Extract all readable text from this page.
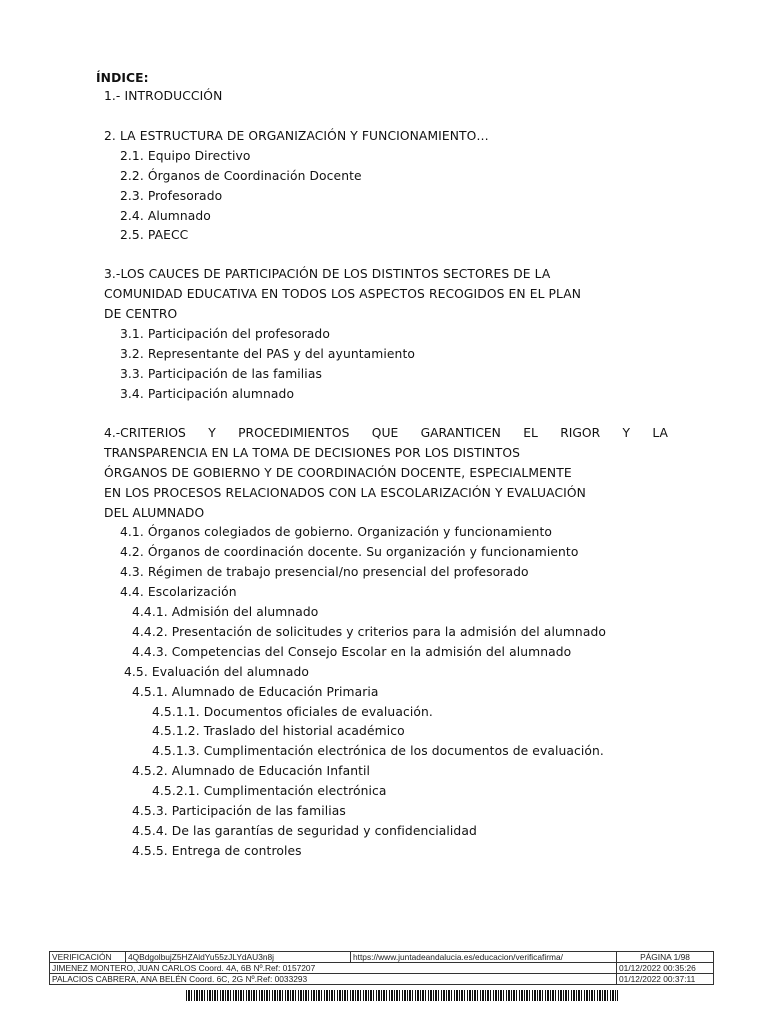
ÍNDICE:
1.- INTRODUCCIÓN
2. LA ESTRUCTURA DE ORGANIZACIÓN Y FUNCIONAMIENTO…
2.1. Equipo Directivo
2.2. Órganos de Coordinación Docente
2.3. Profesorado
2.4. Alumnado
2.5. PAECC
3.-LOS CAUCES DE PARTICIPACIÓN DE LOS DISTINTOS SECTORES DE LA
COMUNIDAD EDUCATIVA EN TODOS LOS ASPECTOS RECOGIDOS EN EL PLAN
DE CENTRO
3.1. Participación del profesorado
3.2. Representante del PAS y del ayuntamiento
3.3. Participación de las familias
3.4. Participación alumnado
4.-CRITERIOS Y PROCEDIMIENTOS QUE GARANTICEN EL RIGOR Y LA
TRANSPARENCIA EN LA TOMA DE DECISIONES POR LOS DISTINTOS
ÓRGANOS DE GOBIERNO Y DE COORDINACIÓN DOCENTE, ESPECIALMENTE
EN LOS PROCESOS RELACIONADOS CON LA ESCOLARIZACIÓN Y EVALUACIÓN
DEL ALUMNADO
4.1. Órganos colegiados de gobierno. Organización y funcionamiento
4.2. Órganos de coordinación docente. Su organización y funcionamiento
4.3. Régimen de trabajo presencial/no presencial del profesorado
4.4. Escolarización
4.4.1. Admisión del alumnado
4.4.2. Presentación de solicitudes y criterios para la admisión del alumnado
4.4.3. Competencias del Consejo Escolar en la admisión del alumnado
4.5. Evaluación del alumnado
4.5.1. Alumnado de Educación Primaria
4.5.1.1. Documentos oficiales de evaluación.
4.5.1.2. Traslado del historial académico
4.5.1.3. Cumplimentación electrónica de los documentos de evaluación.
4.5.2. Alumnado de Educación Infantil
4.5.2.1. Cumplimentación electrónica
4.5.3. Participación de las familias
4.5.4. De las garantías de seguridad y confidencialidad
4.5.5. Entrega de controles
VERIFICACIÓN	4QBdgolbujZ5HZAldYu55zJLYdAU3n8j	https://www.juntadeandalucia.es/educacion/verificafirma/	PÁGINA 1/98
JIMENEZ MONTERO, JUAN CARLOS Coord. 4A, 6B Nº.Ref: 0157207			01/12/2022 00:35:26
PALACIOS CABRERA, ANA BELÉN Coord. 6C, 2G Nº.Ref: 0033293			01/12/2022 00:37:11
